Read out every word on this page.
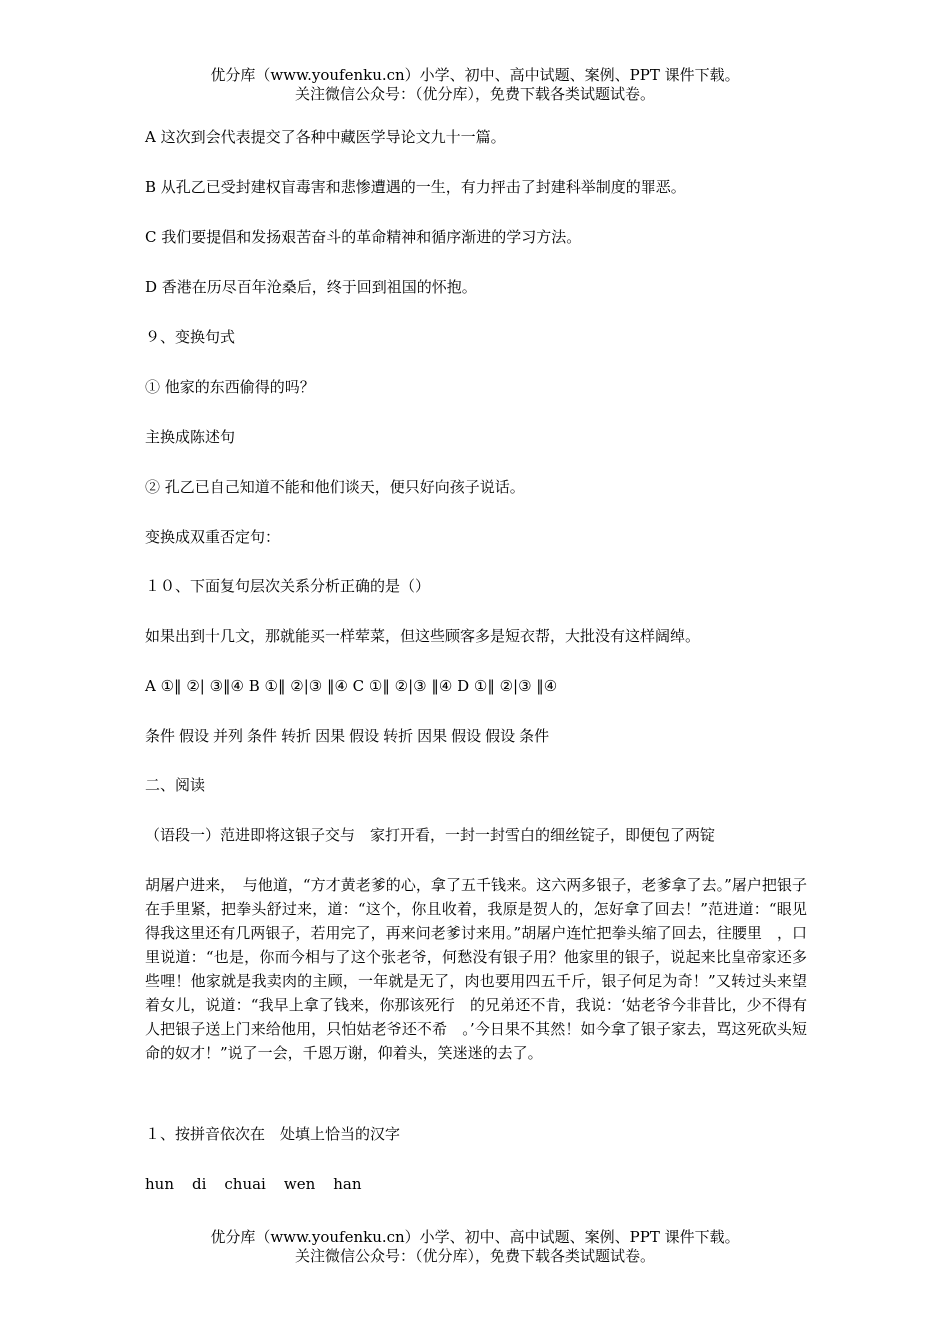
优分库（www.youfenku.cn）小学、初中、高中试题、案例、PPT 课件下载。
关注微信公众号：（优分库），免费下载各类试题试卷。
A 这次到会代表提交了各种中藏医学导论文九十一篇。
B 从孔乙已受封建权盲毒害和悲惨遭遇的一生，有力抨击了封建科举制度的罪恶。
C 我们要提倡和发扬艰苦奋斗的革命精神和循序渐进的学习方法。
D 香港在历尽百年沧桑后，终于回到祖国的怀抱。
９、变换句式
① 他家的东西偷得的吗？
主换成陈述句
② 孔乙已自己知道不能和他们谈天，便只好向孩子说话。
变换成双重否定句：
１０、下面复句层次关系分析正确的是（）
如果出到十几文，那就能买一样荤菜，但这些顾客多是短衣帮，大批没有这样阔绰。
A ①‖ ②| ③‖④ B ①‖ ②|③ ‖④ C ①‖ ②|③ ‖④ D ①‖ ②|③ ‖④
条件 假设 并列 条件 转折 因果 假设 转折 因果 假设 假设 条件
二、阅读
（语段一）范进即将这银子交与　家打开看，一封一封雪白的细丝锭子，即便包了两锭
胡屠户进来，　与他道，“方才黄老爹的心，拿了五千钱来。这六两多银子，老爹拿了去。”屠户把银子在手里紧，把拳头舒过来，道：“这个，你且收着，我原是贺人的，怎好拿了回去！”范进道：“眼见得我这里还有几两银子，若用完了，再来问老爹讨来用。”胡屠户连忙把拳头缩了回去，往腰里　，口里说道：“也是，你而今相与了这个张老爷，何愁没有银子用？他家里的银子，说起来比皇帝家还多些哩！他家就是我卖肉的主顾，一年就是无了，肉也要用四五千斤，银子何足为奇！”又转过头来望着女儿，说道：“我早上拿了钱来，你那该死行　的兄弟还不肯，我说：‘姑老爷今非昔比，少不得有人把银子送上门来给他用，只怕姑老爷还不希　。’今日果不其然！如今拿了银子家去，骂这死砍头短命的奴才！”说了一会，千恩万谢，仰着头，笑迷迷的去了。
１、按拼音依次在　处填上恰当的汉字
hun di chuai wen han
优分库（www.youfenku.cn）小学、初中、高中试题、案例、PPT 课件下载。
关注微信公众号：（优分库），免费下载各类试题试卷。
